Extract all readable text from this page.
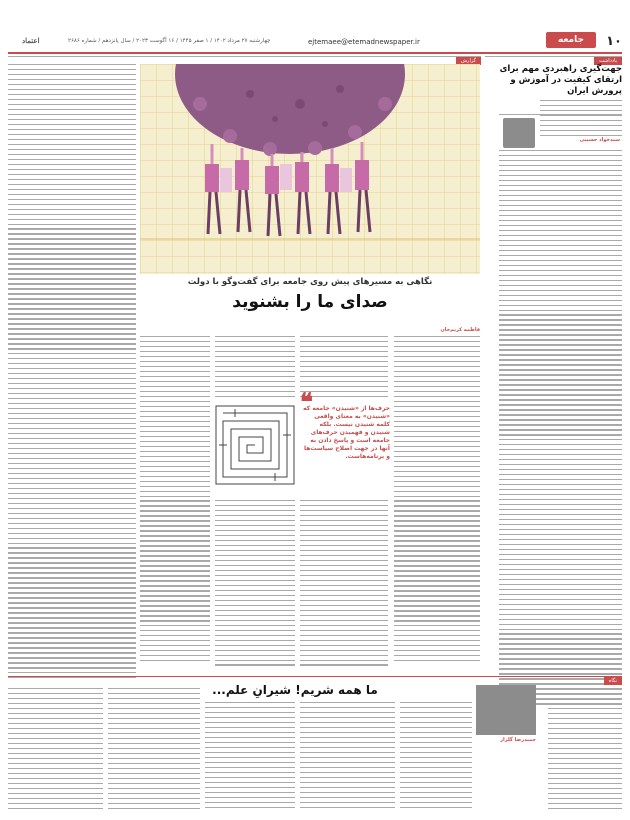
۱۰
جامعه
ejtemaee@etemadnewspaper.ir
چهارشنبه ۲۷ مرداد ۱۴۰۲ / ۱ صفر ۱۴۴۵ / ۱۶ آگوست ۲۰۲۳ / سال پانزدهم / شماره ۲۶۸۶
اعتماد
یادداشت
گزارش
جهت‌گیری‌ راهبردی مهم برای ارتقای کیفیت در آموزش و پرورش ایران
سیدجواد حسینی
نگاهی به مسیرهای پیش روی جامعه برای گفت‌وگو با دولت
صدای ما را بشنوید
فاطمه کریم‌خان
❝
حرف‌ها از «شنیدن» جامعه که «شنیدن» به معنای واقعی کلمه شنیدن نیست. بلکه شنیدن و فهمیدن حرف‌های جامعه است و پاسخ دادن به آنها در جهت اصلاح سیاست‌ها و برنامه‌هاست.
نگاه
ما همه شریم! شیرانِ علم...
حمیدرضا گلزار
